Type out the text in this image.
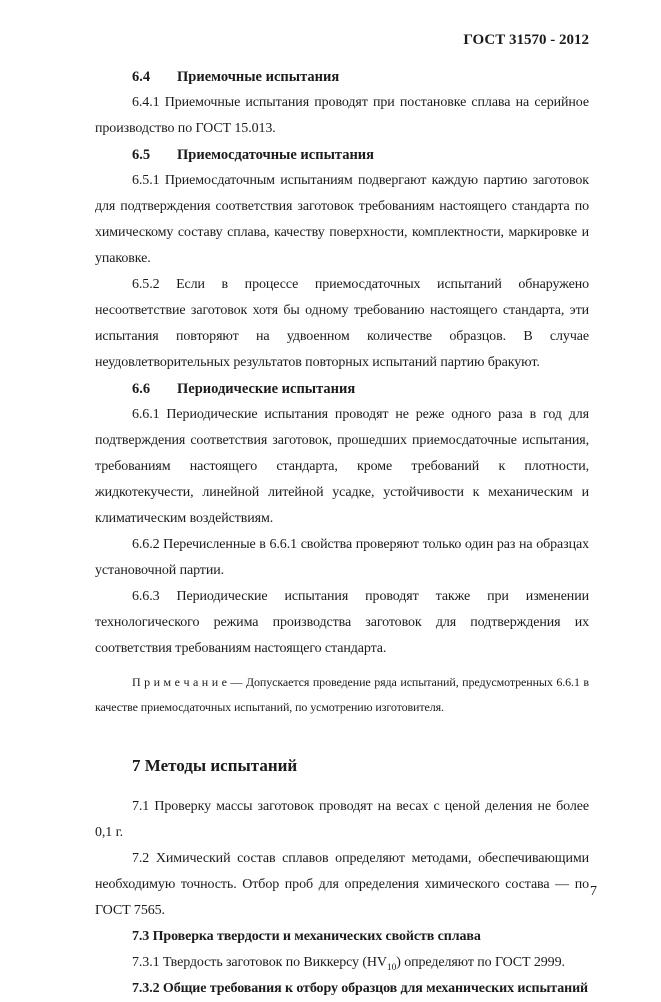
ГОСТ 31570 - 2012
6.4 Приемочные испытания

6.4.1 Приемочные испытания проводят при постановке сплава на серийное производство по ГОСТ 15.013.

6.5 Приемосдаточные испытания

6.5.1 Приемосдаточным испытаниям подвергают каждую партию заготовок для подтверждения соответствия заготовок требованиям настоящего стандарта по химическому составу сплава, качеству поверхности, комплектности, маркировке и упаковке.

6.5.2 Если в процессе приемосдаточных испытаний обнаружено несоответствие заготовок хотя бы одному требованию настоящего стандарта, эти испытания повторяют на удвоенном количестве образцов. В случае неудовлетворительных результатов повторных испытаний партию бракуют.

6.6 Периодические испытания

6.6.1 Периодические испытания проводят не реже одного раза в год для подтверждения соответствия заготовок, прошедших приемосдаточные испытания, требованиям настоящего стандарта, кроме требований к плотности, жидкотекучести, линейной литейной усадке, устойчивости к механическим и климатическим воздействиям.

6.6.2 Перечисленные в 6.6.1 свойства проверяют только один раз на образцах установочной партии.

6.6.3 Периодические испытания проводят также при изменении технологического режима производства заготовок для подтверждения их соответствия требованиям настоящего стандарта.

П р и м е ч а н и е — Допускается проведение ряда испытаний, предусмотренных 6.6.1 в качестве приемосдаточных испытаний, по усмотрению изготовителя.

7 Методы испытаний

7.1 Проверку массы заготовок проводят на весах с ценой деления не более 0,1 г.

7.2 Химический состав сплавов определяют методами, обеспечивающими необходимую точность. Отбор проб для определения химического состава — по ГОСТ 7565.

7.3 Проверка твердости и механических свойств сплава

7.3.1 Твердость заготовок по Виккерсу $(HV_{10})$ определяют по ГОСТ 2999.

7.3.2 Общие требования к отбору образцов для механических испытаний

7
